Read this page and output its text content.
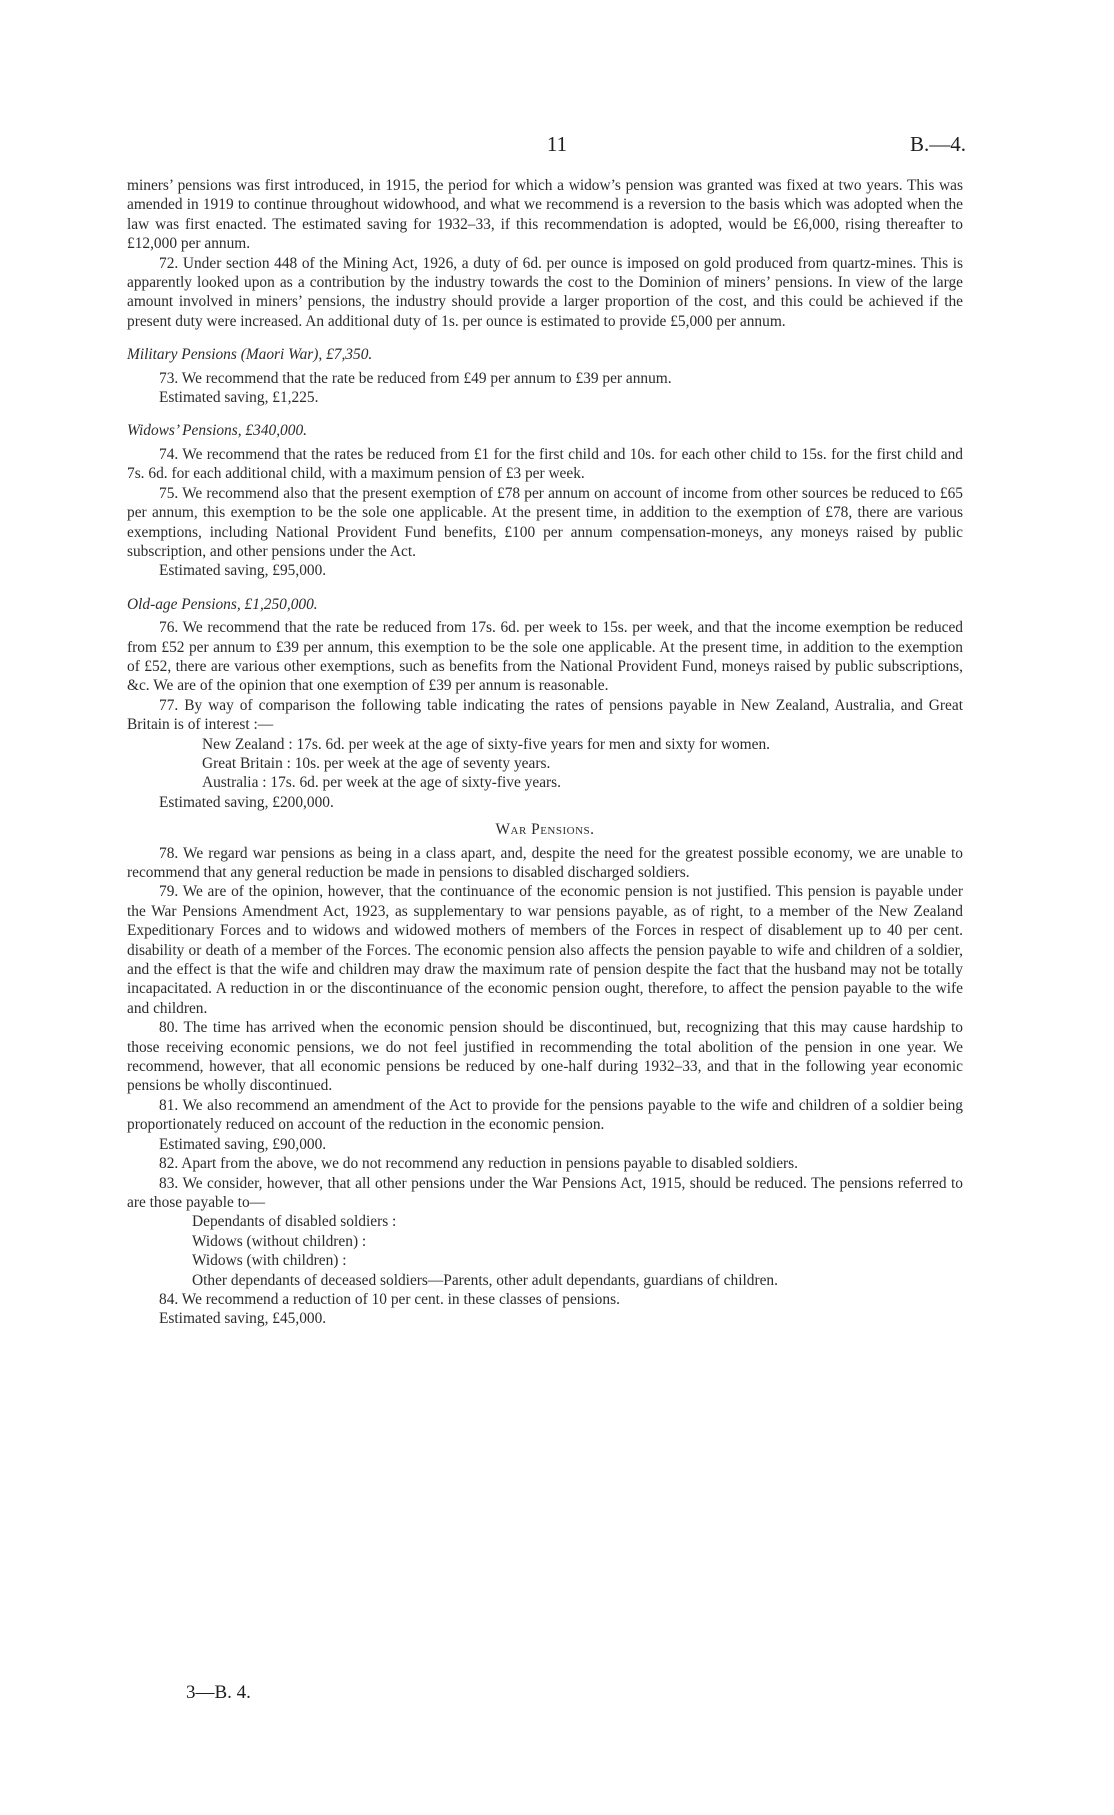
11	B.—4.

miners’ pensions was first introduced, in 1915, the period for which a widow’s pension was granted was fixed at two years. This was amended in 1919 to continue throughout widowhood, and what we recommend is a reversion to the basis which was adopted when the law was first enacted. The estimated saving for 1932–33, if this recommendation is adopted, would be £6,000, rising thereafter to £12,000 per annum.

72. Under section 448 of the Mining Act, 1926, a duty of 6d. per ounce is imposed on gold produced from quartz-mines. This is apparently looked upon as a contribution by the industry towards the cost to the Dominion of miners’ pensions. In view of the large amount involved in miners’ pensions, the industry should provide a larger proportion of the cost, and this could be achieved if the present duty were increased. An additional duty of 1s. per ounce is estimated to provide £5,000 per annum.

Military Pensions (Maori War), £7,350.

73. We recommend that the rate be reduced from £49 per annum to £39 per annum.

Estimated saving, £1,225.

Widows’ Pensions, £340,000.

74. We recommend that the rates be reduced from £1 for the first child and 10s. for each other child to 15s. for the first child and 7s. 6d. for each additional child, with a maximum pension of £3 per week.

75. We recommend also that the present exemption of £78 per annum on account of income from other sources be reduced to £65 per annum, this exemption to be the sole one applicable. At the present time, in addition to the exemption of £78, there are various exemptions, including National Provident Fund benefits, £100 per annum compensation-moneys, any moneys raised by public subscription, and other pensions under the Act.

Estimated saving, £95,000.

Old-age Pensions, £1,250,000.

76. We recommend that the rate be reduced from 17s. 6d. per week to 15s. per week, and that the income exemption be reduced from £52 per annum to £39 per annum, this exemption to be the sole one applicable. At the present time, in addition to the exemption of £52, there are various other exemptions, such as benefits from the National Provident Fund, moneys raised by public subscriptions, &c. We are of the opinion that one exemption of £39 per annum is reasonable.

77. By way of comparison the following table indicating the rates of pensions payable in New Zealand, Australia, and Great Britain is of interest :—

New Zealand : 17s. 6d. per week at the age of sixty-five years for men and sixty for women.

Great Britain : 10s. per week at the age of seventy years.

Australia : 17s. 6d. per week at the age of sixty-five years.

Estimated saving, £200,000.

War Pensions.

78. We regard war pensions as being in a class apart, and, despite the need for the greatest possible economy, we are unable to recommend that any general reduction be made in pensions to disabled discharged soldiers.

79. We are of the opinion, however, that the continuance of the economic pension is not justified. This pension is payable under the War Pensions Amendment Act, 1923, as supplementary to war pensions payable, as of right, to a member of the New Zealand Expeditionary Forces and to widows and widowed mothers of members of the Forces in respect of disablement up to 40 per cent. disability or death of a member of the Forces. The economic pension also affects the pension payable to wife and children of a soldier, and the effect is that the wife and children may draw the maximum rate of pension despite the fact that the husband may not be totally incapacitated. A reduction in or the discontinuance of the economic pension ought, therefore, to affect the pension payable to the wife and children.

80. The time has arrived when the economic pension should be discontinued, but, recognizing that this may cause hardship to those receiving economic pensions, we do not feel justified in recommending the total abolition of the pension in one year. We recommend, however, that all economic pensions be reduced by one-half during 1932–33, and that in the following year economic pensions be wholly discontinued.

81. We also recommend an amendment of the Act to provide for the pensions payable to the wife and children of a soldier being proportionately reduced on account of the reduction in the economic pension.

Estimated saving, £90,000.

82. Apart from the above, we do not recommend any reduction in pensions payable to disabled soldiers.

83. We consider, however, that all other pensions under the War Pensions Act, 1915, should be reduced. The pensions referred to are those payable to—

Dependants of disabled soldiers :

Widows (without children) :

Widows (with children) :

Other dependants of deceased soldiers—Parents, other adult dependants, guardians of children.

84. We recommend a reduction of 10 per cent. in these classes of pensions.

Estimated saving, £45,000.

3—B. 4.
